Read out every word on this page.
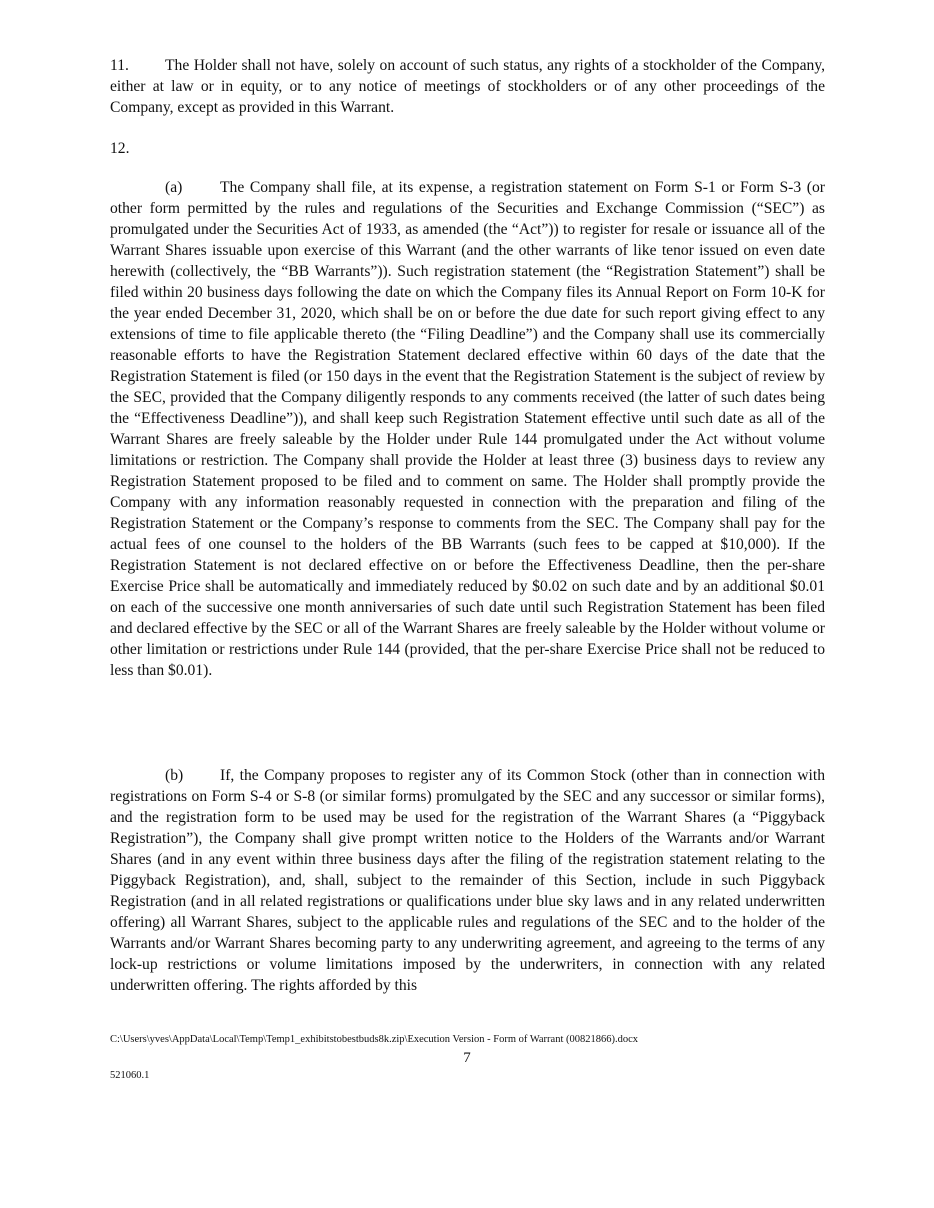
11. The Holder shall not have, solely on account of such status, any rights of a stockholder of the Company, either at law or in equity, or to any notice of meetings of stockholders or of any other proceedings of the Company, except as provided in this Warrant.

12.

(a) The Company shall file, at its expense, a registration statement on Form S-1 or Form S-3 (or other form permitted by the rules and regulations of the Securities and Exchange Commission (“SEC”) as promulgated under the Securities Act of 1933, as amended (the “Act”)) to register for resale or issuance all of the Warrant Shares issuable upon exercise of this Warrant (and the other warrants of like tenor issued on even date herewith (collectively, the “BB Warrants”)). Such registration statement (the “Registration Statement”) shall be filed within 20 business days following the date on which the Company files its Annual Report on Form 10-K for the year ended December 31, 2020, which shall be on or before the due date for such report giving effect to any extensions of time to file applicable thereto (the “Filing Deadline”) and the Company shall use its commercially reasonable efforts to have the Registration Statement declared effective within 60 days of the date that the Registration Statement is filed (or 150 days in the event that the Registration Statement is the subject of review by the SEC, provided that the Company diligently responds to any comments received (the latter of such dates being the “Effectiveness Deadline”)), and shall keep such Registration Statement effective until such date as all of the Warrant Shares are freely saleable by the Holder under Rule 144 promulgated under the Act without volume limitations or restriction. The Company shall provide the Holder at least three (3) business days to review any Registration Statement proposed to be filed and to comment on same. The Holder shall promptly provide the Company with any information reasonably requested in connection with the preparation and filing of the Registration Statement or the Company’s response to comments from the SEC. The Company shall pay for the actual fees of one counsel to the holders of the BB Warrants (such fees to be capped at $10,000). If the Registration Statement is not declared effective on or before the Effectiveness Deadline, then the per-share Exercise Price shall be automatically and immediately reduced by $0.02 on such date and by an additional $0.01 on each of the successive one month anniversaries of such date until such Registration Statement has been filed and declared effective by the SEC or all of the Warrant Shares are freely saleable by the Holder without volume or other limitation or restrictions under Rule 144 (provided, that the per-share Exercise Price shall not be reduced to less than $0.01).

(b) If, the Company proposes to register any of its Common Stock (other than in connection with registrations on Form S-4 or S-8 (or similar forms) promulgated by the SEC and any successor or similar forms), and the registration form to be used may be used for the registration of the Warrant Shares (a “Piggyback Registration”), the Company shall give prompt written notice to the Holders of the Warrants and/or Warrant Shares (and in any event within three business days after the filing of the registration statement relating to the Piggyback Registration), and, shall, subject to the remainder of this Section, include in such Piggyback Registration (and in all related registrations or qualifications under blue sky laws and in any related underwritten offering) all Warrant Shares, subject to the applicable rules and regulations of the SEC and to the holder of the Warrants and/or Warrant Shares becoming party to any underwriting agreement, and agreeing to the terms of any lock-up restrictions or volume limitations imposed by the underwriters, in connection with any related underwritten offering. The rights afforded by this

C:\Users\yves\AppData\Local\Temp\Temp1_exhibitstobestbuds8k.zip\Execution Version - Form of Warrant (00821866).docx
7
521060.1
